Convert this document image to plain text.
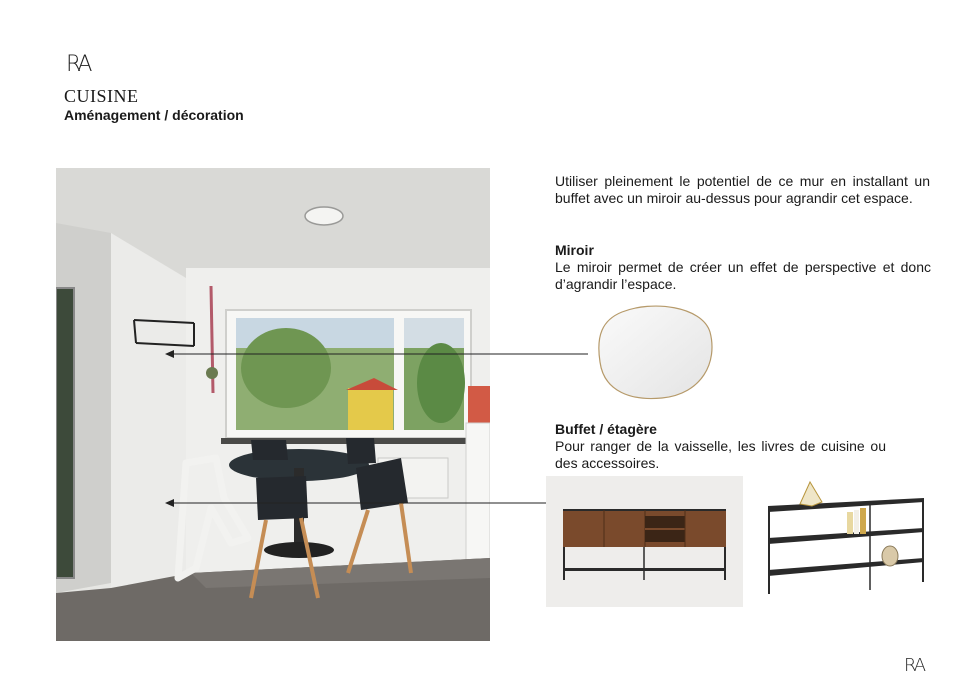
RA
CUISINE
Aménagement / décoration
Utiliser pleinement le potentiel de ce mur en installant un buffet avec un miroir au-dessus pour agrandir cet espace.
Miroir
Le miroir permet de créer un effet de perspective et donc d’agrandir l’espace.
Buffet / étagère
Pour ranger de la vaisselle, les livres de cuisine ou des accessoires.
RA
